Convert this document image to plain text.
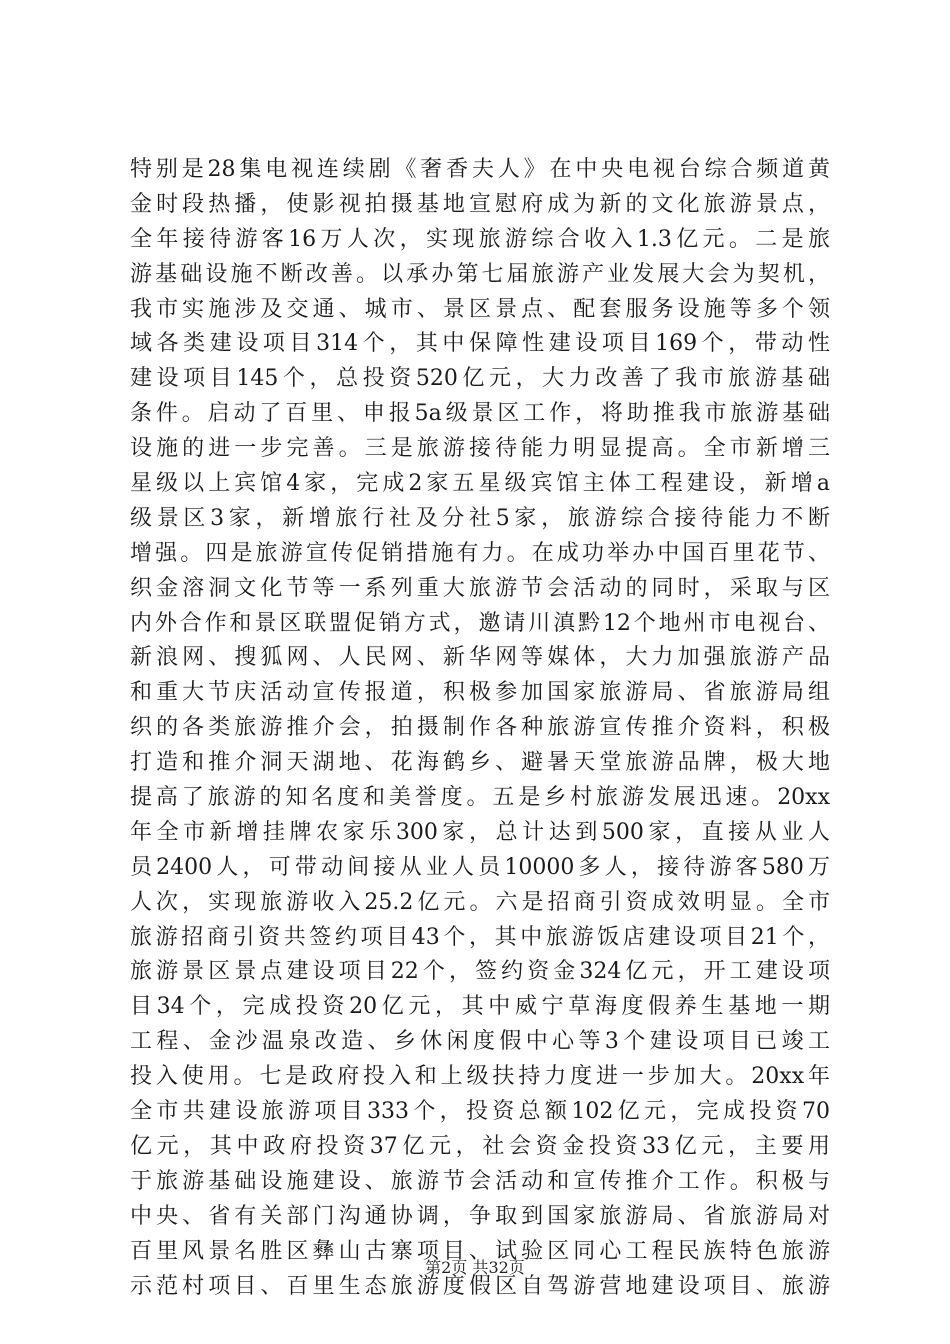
特别是28集电视连续剧《奢香夫人》在中央电视台综合频道黄
金时段热播，使影视拍摄基地宣慰府成为新的文化旅游景点，
全年接待游客16万人次，实现旅游综合收入1.3亿元。二是旅
游基础设施不断改善。以承办第七届旅游产业发展大会为契机，
我市实施涉及交通、城市、景区景点、配套服务设施等多个领
域各类建设项目314个，其中保障性建设项目169个，带动性
建设项目145个，总投资520亿元，大力改善了我市旅游基础
条件。启动了百里、申报5a级景区工作，将助推我市旅游基础
设施的进一步完善。三是旅游接待能力明显提高。全市新增三
星级以上宾馆4家，完成2家五星级宾馆主体工程建设，新增a
级景区3家，新增旅行社及分社5家，旅游综合接待能力不断
增强。四是旅游宣传促销措施有力。在成功举办中国百里花节、
织金溶洞文化节等一系列重大旅游节会活动的同时，采取与区
内外合作和景区联盟促销方式，邀请川滇黔12个地州市电视台、
新浪网、搜狐网、人民网、新华网等媒体，大力加强旅游产品
和重大节庆活动宣传报道，积极参加国家旅游局、省旅游局组
织的各类旅游推介会，拍摄制作各种旅游宣传推介资料，积极
打造和推介洞天湖地、花海鹤乡、避暑天堂旅游品牌，极大地
提高了旅游的知名度和美誉度。五是乡村旅游发展迅速。20xx
年全市新增挂牌农家乐300家，总计达到500家，直接从业人
员2400人，可带动间接从业人员10000多人，接待游客580万
人次，实现旅游收入25.2亿元。六是招商引资成效明显。全市
旅游招商引资共签约项目43个，其中旅游饭店建设项目21个，
旅游景区景点建设项目22个，签约资金324亿元，开工建设项
目34个，完成投资20亿元，其中威宁草海度假养生基地一期
工程、金沙温泉改造、乡休闲度假中心等3个建设项目已竣工
投入使用。七是政府投入和上级扶持力度进一步加大。20xx年
全市共建设旅游项目333个，投资总额102亿元，完成投资70
亿元，其中政府投资37亿元，社会资金投资33亿元，主要用
于旅游基础设施建设、旅游节会活动和宣传推介工作。积极与
中央、省有关部门沟通协调，争取到国家旅游局、省旅游局对
百里风景名胜区彝山古寨项目、试验区同心工程民族特色旅游
示范村项目、百里生态旅游度假区自驾游营地建设项目、旅游
第2页 共32页
